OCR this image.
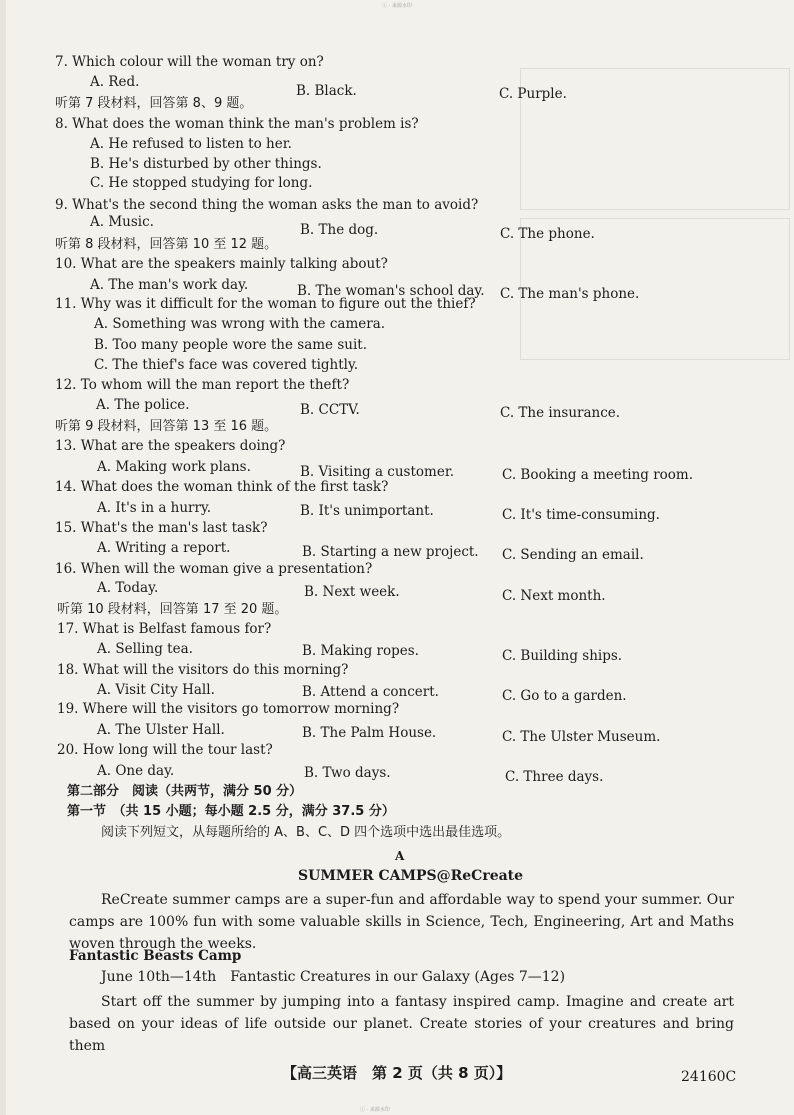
ⓘ · 来源水印
7. Which colour will the woman try on?
A. Red.
B. Black.	C. Purple.
听第 7 段材料，回答第 8、9 题。
8. What does the woman think the man's problem is?
A. He refused to listen to her.
B. He's disturbed by other things.
C. He stopped studying for long.
9. What's the second thing the woman asks the man to avoid?
A. Music.	B. The dog.	C. The phone.
听第 8 段材料，回答第 10 至 12 题。
10. What are the speakers mainly talking about?
A. The man's work day.	B. The woman's school day. C. The man's phone.
11. Why was it difficult for the woman to figure out the thief?
A. Something was wrong with the camera.
B. Too many people wore the same suit.
C. The thief's face was covered tightly.
12. To whom will the man report the theft?
A. The police.	B. CCTV.	C. The insurance.
听第 9 段材料，回答第 13 至 16 题。
13. What are the speakers doing?
A. Making work plans.	B. Visiting a customer.	C. Booking a meeting room.
14. What does the woman think of the first task?
A. It's in a hurry.	B. It's unimportant.	C. It's time-consuming.
15. What's the man's last task?
A. Writing a report.	B. Starting a new project. C. Sending an email.
16. When will the woman give a presentation?
A. Today.	B. Next week.	C. Next month.
听第 10 段材料，回答第 17 至 20 题。
17. What is Belfast famous for?
A. Selling tea.	B. Making ropes.	C. Building ships.
18. What will the visitors do this morning?
A. Visit City Hall.	B. Attend a concert.	C. Go to a garden.
19. Where will the visitors go tomorrow morning?
A. The Ulster Hall.	B. The Palm House.	C. The Ulster Museum.
20. How long will the tour last?
A. One day.	B. Two days.	C. Three days.
第二部分　阅读（共两节，满分 50 分）
第一节　（共 15 小题；每小题 2.5 分，满分 37.5 分）
阅读下列短文，从每题所给的 A、B、C、D 四个选项中选出最佳选项。
A
SUMMER CAMPS@ReCreate
ReCreate summer camps are a super-fun and affordable way to spend your summer. Our camps are 100% fun with some valuable skills in Science, Tech, Engineering, Art and Maths woven through the weeks.
Fantastic Beasts Camp
June 10th—14th　Fantastic Creatures in our Galaxy (Ages 7—12)
Start off the summer by jumping into a fantasy inspired camp. Imagine and create art based on your ideas of life outside our planet. Create stories of your creatures and bring them
【高三英语　第 2 页（共 8 页）】	24160C
ⓘ · 来源水印
